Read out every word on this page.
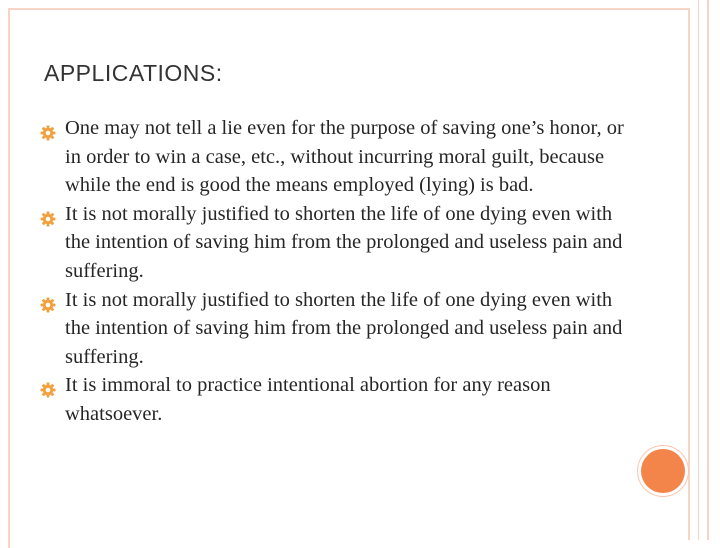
APPLICATIONS:
One may not tell a lie even for the purpose of saving one’s honor, or in order to win a case, etc., without incurring moral guilt, because while the end is good the means employed (lying) is bad.
It is not morally justified to shorten the life of one dying even with the intention of saving him from the prolonged and useless pain and suffering.
It is not morally justified to shorten the life of one dying even with the intention of saving him from the prolonged and useless pain and suffering.
It is immoral to practice intentional abortion for any reason whatsoever.
